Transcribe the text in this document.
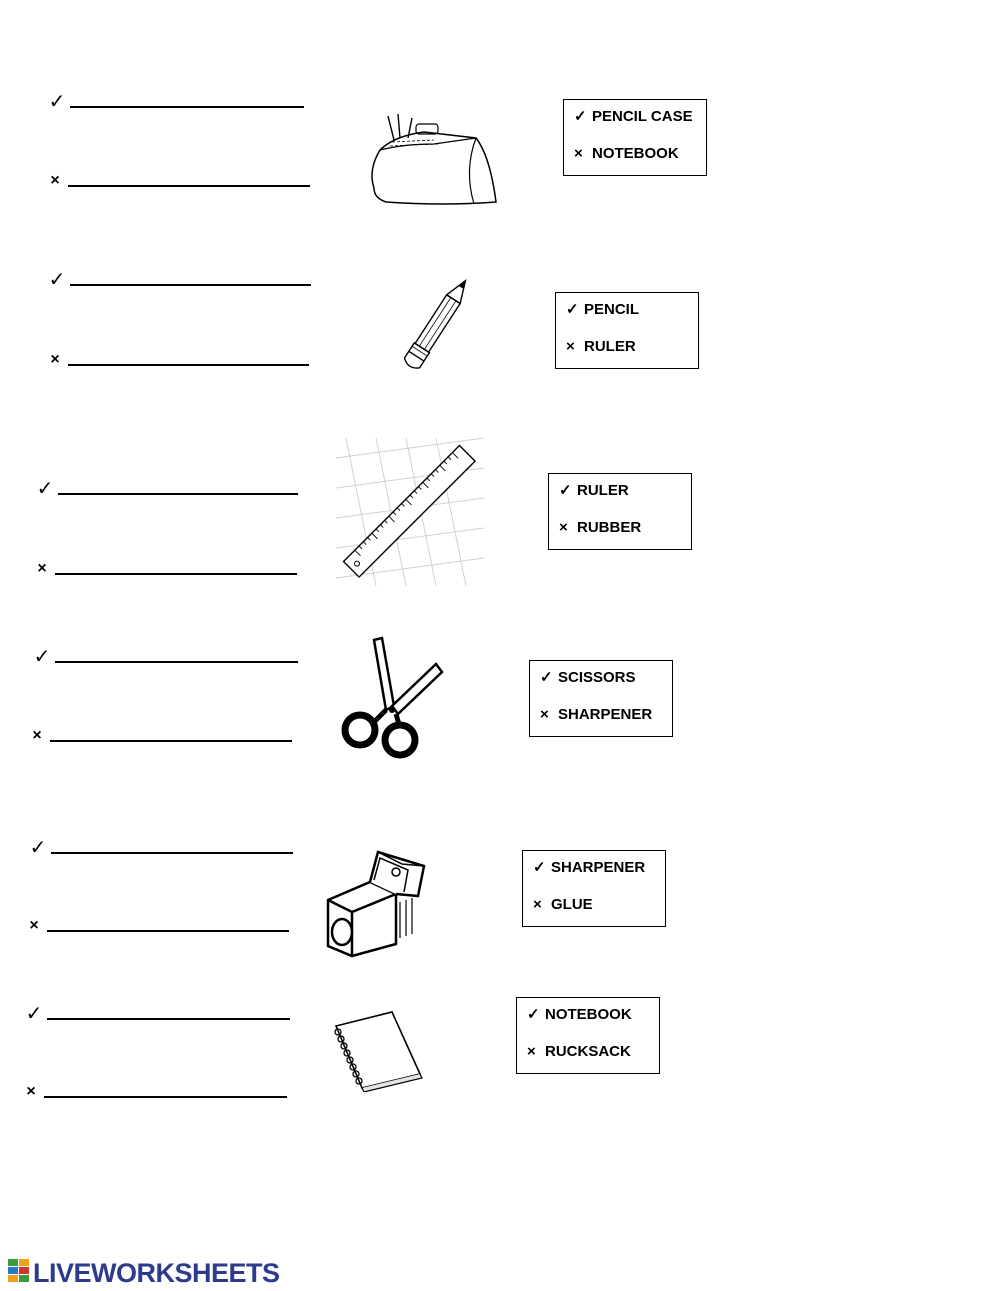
✓
×
✓ PENCIL CASE
× NOTEBOOK
✓
×
✓ PENCIL
× RULER
✓
×
✓ RULER
× RUBBER
✓
×
✓ SCISSORS
× SHARPENER
✓
×
✓ SHARPENER
× GLUE
✓
×
✓ NOTEBOOK
× RUCKSACK
LIVEWORKSHEETS
